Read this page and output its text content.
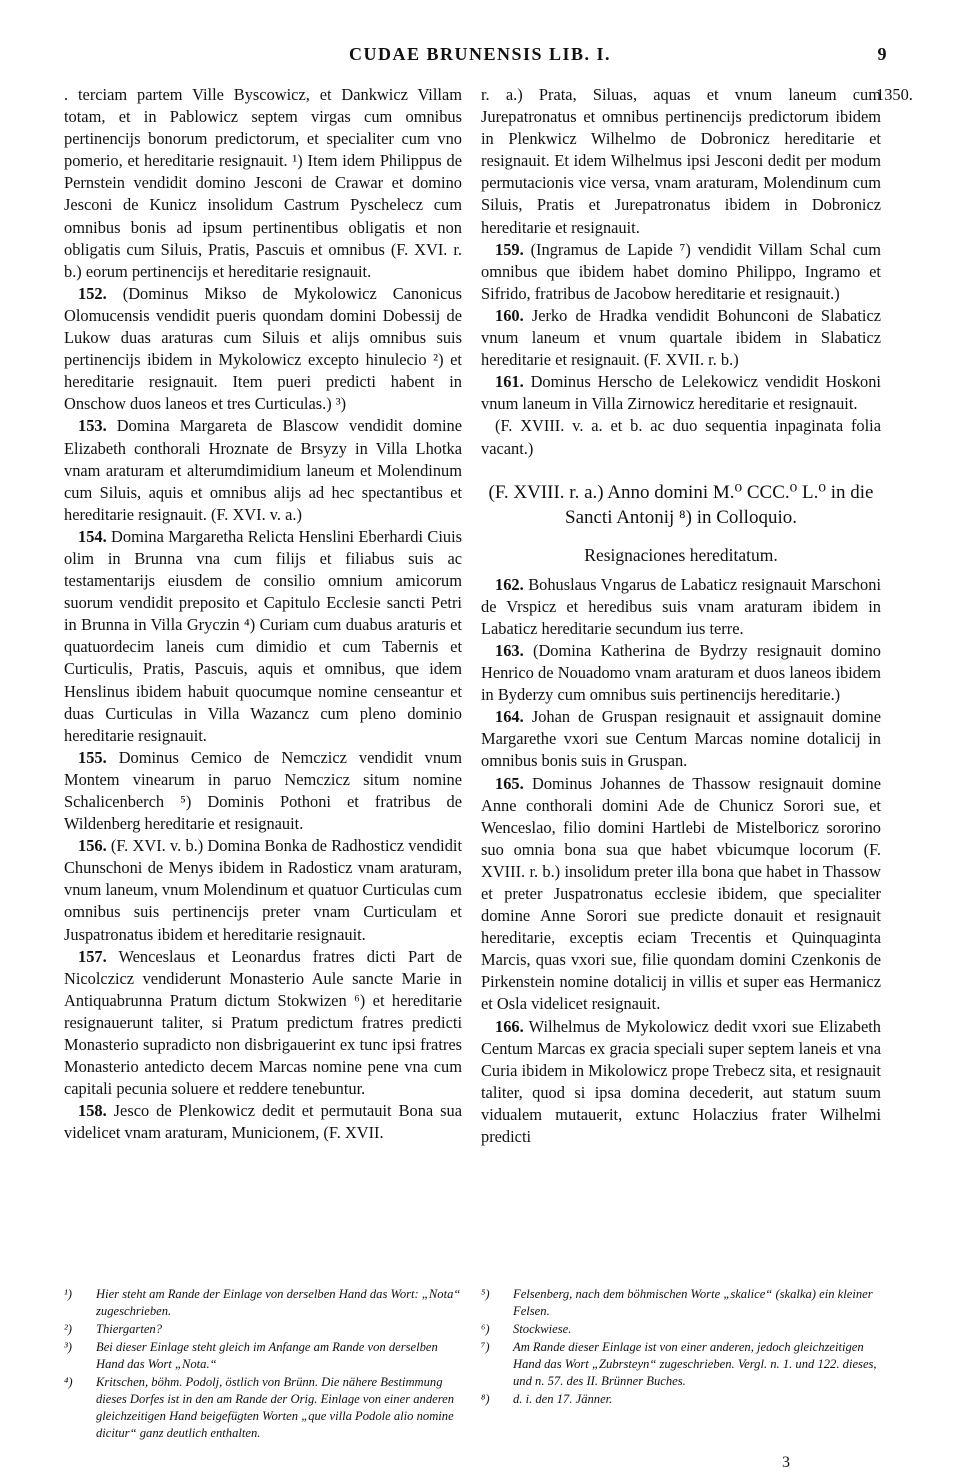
CUDAE BRUNENSIS LIB. I.	9

. terciam partem Ville Byscowicz, et Dankwicz Villam totam, et in Pablowicz septem virgas cum omnibus pertinencijs bonorum predictorum, et specialiter cum vno pomerio, et hereditarie resignauit. ¹) Item idem Philippus de Pernstein vendidit domino Jesconi de Crawar et domino Jesconi de Kunicz insolidum Castrum Pyschelecz cum omnibus bonis ad ipsum pertinentibus obligatis et non obligatis cum Siluis, Pratis, Pascuis et omnibus (F. XVI. r. b.) eorum pertinencijs et hereditarie resignauit.

152. (Dominus Mikso de Mykolowicz Canonicus Olomucensis vendidit pueris quondam domini Dobessij de Lukow duas araturas cum Siluis et alijs omnibus suis pertinencijs ibidem in Mykolowicz excepto hinulecio ²) et hereditarie resignauit. Item pueri predicti habent in Onschow duos laneos et tres Curticulas.) ³)

153. Domina Margareta de Blascow vendidit domine Elizabeth conthorali Hroznate de Brsyzy in Villa Lhotka vnam araturam et alterumdimidium laneum et Molendinum cum Siluis, aquis et omnibus alijs ad hec spectantibus et hereditarie resignauit. (F. XVI. v. a.)

154. Domina Margaretha Relicta Henslini Eberhardi Ciuis olim in Brunna vna cum filijs et filiabus suis ac testamentarijs eiusdem de consilio omnium amicorum suorum vendidit preposito et Capitulo Ecclesie sancti Petri in Brunna in Villa Gryczin ⁴) Curiam cum duabus araturis et quatuordecim laneis cum dimidio et cum Tabernis et Curticulis, Pratis, Pascuis, aquis et omnibus, que idem Henslinus ibidem habuit quocumque nomine censeantur et duas Curticulas in Villa Wazancz cum pleno dominio hereditarie resignauit.

155. Dominus Cemico de Nemczicz vendidit vnum Montem vinearum in paruo Nemczicz situm nomine Schalicenberch ⁵) Dominis Pothoni et fratribus de Wildenberg hereditarie et resignauit.

156. (F. XVI. v. b.) Domina Bonka de Radhosticz vendidit Chunschoni de Menys ibidem in Radosticz vnam araturam, vnum laneum, vnum Molendinum et quatuor Curticulas cum omnibus suis pertinencijs preter vnam Curticulam et Juspatronatus ibidem et hereditarie resignauit.

157. Wenceslaus et Leonardus fratres dicti Part de Nicolczicz vendiderunt Monasterio Aule sancte Marie in Antiquabrunna Pratum dictum Stokwizen ⁶) et hereditarie resignauerunt taliter, si Pratum predictum fratres predicti Monasterio supradicto non disbrigauerint ex tunc ipsi fratres Monasterio antedicto decem Marcas nomine pene vna cum capitali pecunia soluere et reddere tenebuntur.

158. Jesco de Plenkowicz dedit et permutauit Bona sua videlicet vnam araturam, Municionem, (F. XVII.

1350.

r. a.) Prata, Siluas, aquas et vnum laneum cum Jurepatronatus et omnibus pertinencijs predictorum ibidem in Plenkwicz Wilhelmo de Dobronicz hereditarie et resignauit. Et idem Wilhelmus ipsi Jesconi dedit per modum permutacionis vice versa, vnam araturam, Molendinum cum Siluis, Pratis et Jurepatronatus ibidem in Dobronicz hereditarie et resignauit.

159. (Ingramus de Lapide ⁷) vendidit Villam Schal cum omnibus que ibidem habet domino Philippo, Ingramo et Sifrido, fratribus de Jacobow hereditarie et resignauit.)

160. Jerko de Hradka vendidit Bohunconi de Slabaticz vnum laneum et vnum quartale ibidem in Slabaticz hereditarie et resignauit. (F. XVII. r. b.)

161. Dominus Herscho de Lelekowicz vendidit Hoskoni vnum laneum in Villa Zirnowicz hereditarie et resignauit.

(F. XVIII. v. a. et b. ac duo sequentia inpaginata folia vacant.)

(F. XVIII. r. a.) Anno domini M.⁰ CCC.⁰ L.⁰ in die Sancti Antonij ⁸) in Colloquio.
Resignaciones hereditatum.

162. Bohuslaus Vngarus de Labaticz resignauit Marschoni de Vrspicz et heredibus suis vnam araturam ibidem in Labaticz hereditarie secundum ius terre.

163. (Domina Katherina de Bydrzy resignauit domino Henrico de Nouadomo vnam araturam et duos laneos ibidem in Byderzy cum omnibus suis pertinencijs hereditarie.)

164. Johan de Gruspan resignauit et assignauit domine Margarethe vxori sue Centum Marcas nomine dotalicij in omnibus bonis suis in Gruspan.

165. Dominus Johannes de Thassow resignauit domine Anne conthorali domini Ade de Chunicz Sorori sue, et Wenceslao, filio domini Hartlebi de Mistelboricz sororino suo omnia bona sua que habet vbicumque locorum (F. XVIII. r. b.) insolidum preter illa bona que habet in Thassow et preter Juspatronatus ecclesie ibidem, que specialiter domine Anne Sorori sue predicte donauit et resignauit hereditarie, exceptis eciam Trecentis et Quinquaginta Marcis, quas vxori sue, filie quondam domini Czenkonis de Pirkenstein nomine dotalicij in villis et super eas Hermanicz et Osla videlicet resignauit.

166. Wilhelmus de Mykolowicz dedit vxori sue Elizabeth Centum Marcas ex gracia speciali super septem laneis et vna Curia ibidem in Mikolowicz prope Trebecz sita, et resignauit taliter, quod si ipsa domina decederit, aut statum suum vidualem mutauerit, extunc Holaczius frater Wilhelmi predicti

¹) Hier steht am Rande der Einlage von derselben Hand das Wort: „Nota“ zugeschrieben.
²) Thiergarten?
³) Bei dieser Einlage steht gleich im Anfange am Rande von derselben Hand das Wort „Nota.“
⁴) Kritschen, böhm. Podolj, östlich von Brünn. Die nähere Bestimmung dieses Dorfes ist in den am Rande der Orig. Einlage von einer anderen gleichzeitigen Hand beigefügten Worten „que villa Podole alio nomine dicitur“ ganz deutlich enthalten.
⁵) Felsenberg, nach dem böhmischen Worte „skalice“ (skalka) ein kleiner Felsen.
⁶) Stockwiese.
⁷) Am Rande dieser Einlage ist von einer anderen, jedoch gleichzeitigen Hand das Wort „Zubrsteyn“ zugeschrieben. Vergl. n. 1. und 122. dieses, und n. 57. des II. Brünner Buches.
⁸) d. i. den 17. Jänner.
3
